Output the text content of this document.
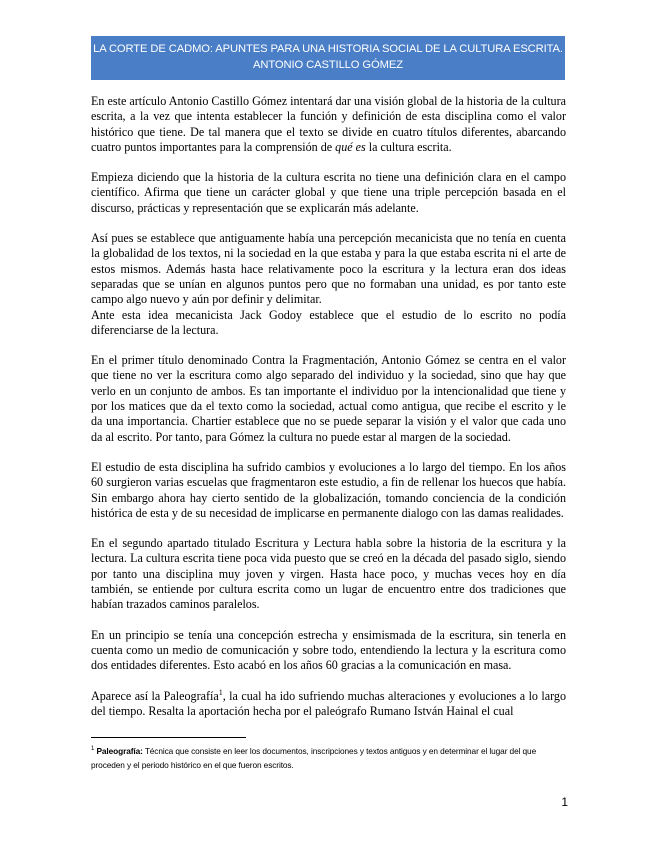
LA CORTE DE CADMO: APUNTES PARA UNA HISTORIA SOCIAL DE LA CULTURA ESCRITA.
ANTONIO CASTILLO GÓMEZ

En este artículo Antonio Castillo Gómez intentará dar una visión global de la historia de la cultura escrita, a la vez que intenta establecer la función y definición de esta disciplina como el valor histórico que tiene. De tal manera que el texto se divide en cuatro títulos diferentes, abarcando cuatro puntos importantes para la comprensión de qué es la cultura escrita.

Empieza diciendo que la historia de la cultura escrita no tiene una definición clara en el campo científico. Afirma que tiene un carácter global y que tiene una triple percepción basada en el discurso, prácticas y representación que se explicarán más adelante.

Así pues se establece que antiguamente había una percepción mecanicista que no tenía en cuenta la globalidad de los textos, ni la sociedad en la que estaba y para la que estaba escrita ni el arte de estos mismos. Además hasta hace relativamente poco la escritura y la lectura eran dos ideas separadas que se unían en algunos puntos pero que no formaban una unidad, es por tanto este campo algo nuevo y aún por definir y delimitar.

Ante esta idea mecanicista Jack Godoy establece que el estudio de lo escrito no podía diferenciarse de la lectura.

En el primer título denominado Contra la Fragmentación, Antonio Gómez se centra en el valor que tiene no ver la escritura como algo separado del individuo y la sociedad, sino que hay que verlo en un conjunto de ambos. Es tan importante el individuo por la intencionalidad que tiene y por los matices que da el texto como la sociedad, actual como antigua, que recibe el escrito y le da una importancia. Chartier establece que no se puede separar la visión y el valor que cada uno da al escrito. Por tanto, para Gómez la cultura no puede estar al margen de la sociedad.

El estudio de esta disciplina ha sufrido cambios y evoluciones a lo largo del tiempo. En los años 60 surgieron varias escuelas que fragmentaron este estudio, a fin de rellenar los huecos que había. Sin embargo ahora hay cierto sentido de la globalización, tomando conciencia de la condición histórica de esta y de su necesidad de implicarse en permanente dialogo con las damas realidades.

En el segundo apartado titulado Escritura y Lectura habla sobre la historia de la escritura y la lectura. La cultura escrita tiene poca vida puesto que se creó en la década del pasado siglo, siendo por tanto una disciplina muy joven y virgen. Hasta hace poco, y muchas veces hoy en día también, se entiende por cultura escrita como un lugar de encuentro entre dos tradiciones que habían trazados caminos paralelos.

En un principio se tenía una concepción estrecha y ensimismada de la escritura, sin tenerla en cuenta como un medio de comunicación y sobre todo, entendiendo la lectura y la escritura como dos entidades diferentes. Esto acabó en los años 60 gracias a la comunicación en masa.

Aparece así la Paleografía$^1$, la cual ha ido sufriendo muchas alteraciones y evoluciones a lo largo del tiempo. Resalta la aportación hecha por el paleógrafo Rumano István Hainal el cual

$^1$ Paleografía: Técnica que consiste en leer los documentos, inscripciones y textos antiguos y en determinar el lugar del que proceden y el periodo histórico en el que fueron escritos.
1
